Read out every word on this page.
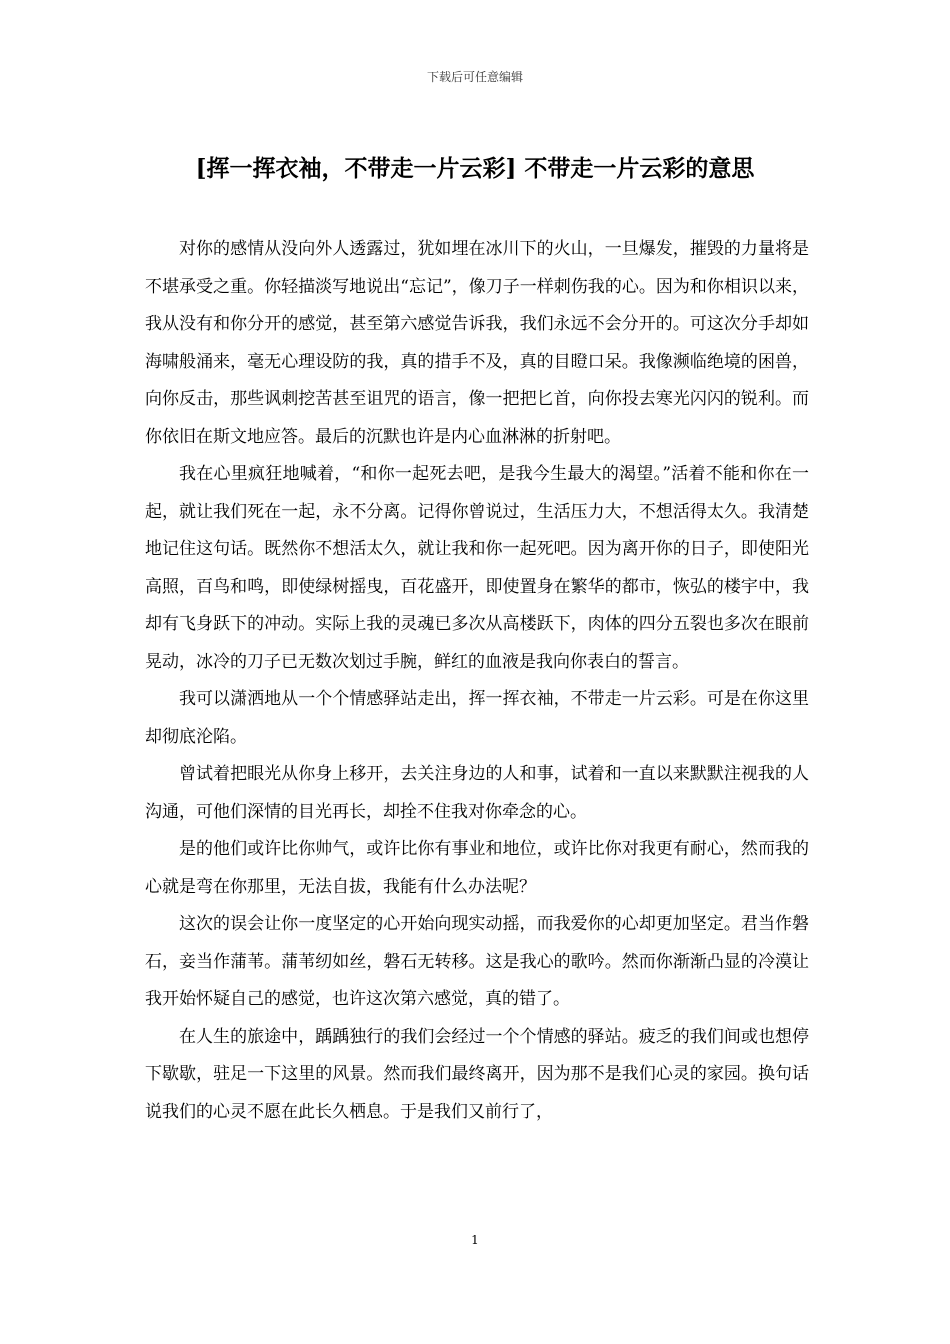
下载后可任意编辑
[挥一挥衣袖，不带走一片云彩] 不带走一片云彩的意思

对你的感情从没向外人透露过，犹如埋在冰川下的火山，一旦爆发，摧毁的力量将是不堪承受之重。你轻描淡写地说出“忘记”，像刀子一样刺伤我的心。因为和你相识以来，我从没有和你分开的感觉，甚至第六感觉告诉我，我们永远不会分开的。可这次分手却如海啸般涌来，毫无心理设防的我，真的措手不及，真的目瞪口呆。我像濒临绝境的困兽，向你反击，那些讽刺挖苦甚至诅咒的语言，像一把把匕首，向你投去寒光闪闪的锐利。而你依旧在斯文地应答。最后的沉默也许是内心血淋淋的折射吧。

我在心里疯狂地喊着，“和你一起死去吧，是我今生最大的渴望。”活着不能和你在一起，就让我们死在一起，永不分离。记得你曾说过，生活压力大，不想活得太久。我清楚地记住这句话。既然你不想活太久，就让我和你一起死吧。因为离开你的日子，即使阳光高照，百鸟和鸣，即使绿树摇曳，百花盛开，即使置身在繁华的都市，恢弘的楼宇中，我却有飞身跃下的冲动。实际上我的灵魂已多次从高楼跃下，肉体的四分五裂也多次在眼前晃动，冰冷的刀子已无数次划过手腕，鲜红的血液是我向你表白的誓言。

我可以潇洒地从一个个情感驿站走出，挥一挥衣袖，不带走一片云彩。可是在你这里却彻底沦陷。

曾试着把眼光从你身上移开，去关注身边的人和事，试着和一直以来默默注视我的人沟通，可他们深情的目光再长，却拴不住我对你牵念的心。

是的他们或许比你帅气，或许比你有事业和地位，或许比你对我更有耐心，然而我的心就是弯在你那里，无法自拔，我能有什么办法呢？

这次的误会让你一度坚定的心开始向现实动摇，而我爱你的心却更加坚定。君当作磐石，妾当作蒲苇。蒲苇纫如丝，磐石无转移。这是我心的歌吟。然而你渐渐凸显的冷漠让我开始怀疑自己的感觉，也许这次第六感觉，真的错了。

在人生的旅途中，踽踽独行的我们会经过一个个情感的驿站。疲乏的我们间或也想停下歇歇，驻足一下这里的风景。然而我们最终离开，因为那不是我们心灵的家园。换句话说我们的心灵不愿在此长久栖息。于是我们又前行了，

1
